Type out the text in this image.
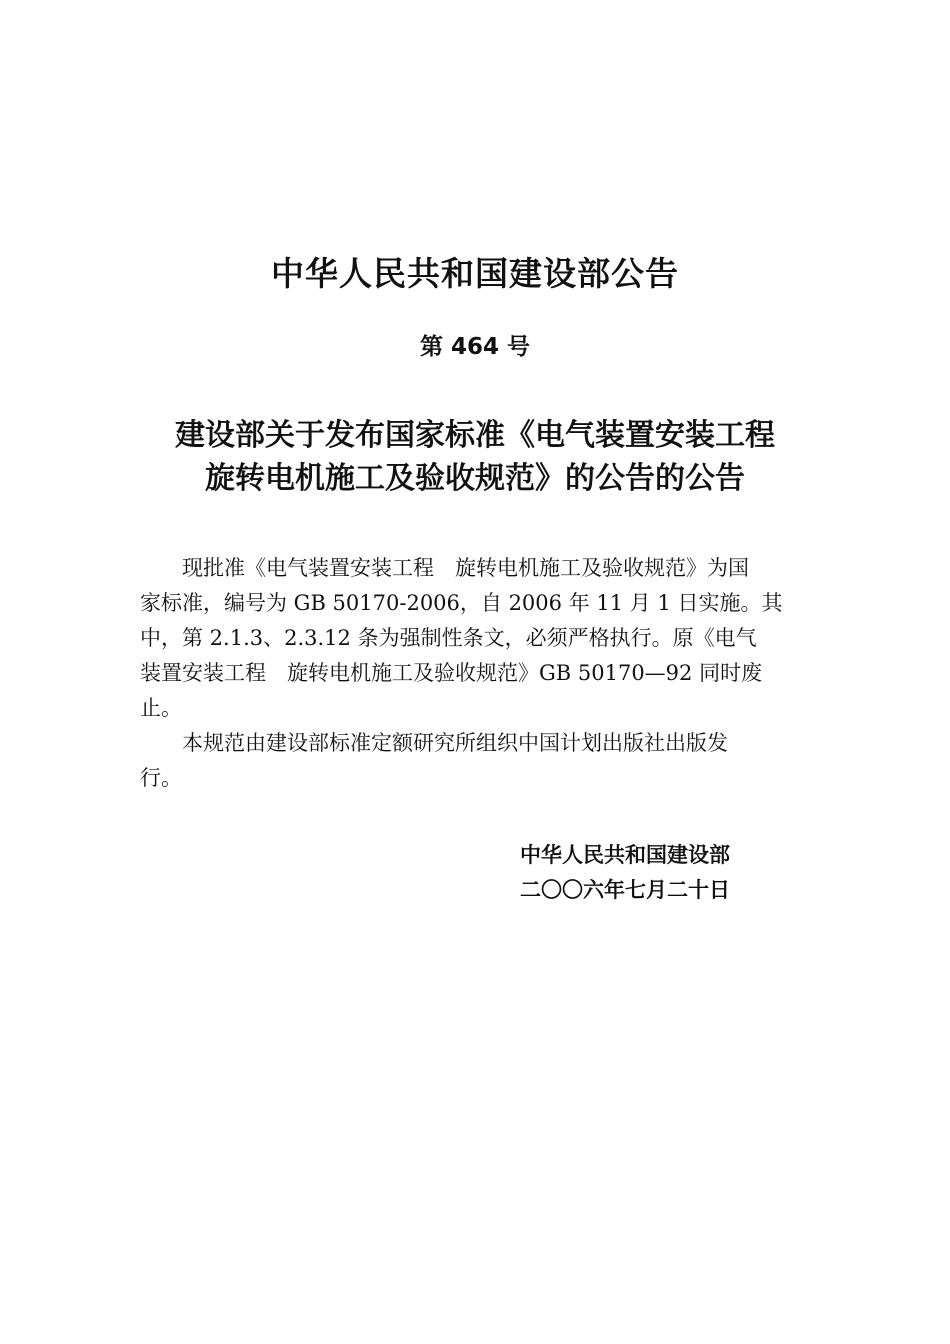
中华人民共和国建设部公告
第 464 号
建设部关于发布国家标准《电气装置安装工程
旋转电机施工及验收规范》的公告的公告
现批准《电气装置安装工程　旋转电机施工及验收规范》为国
家标准，编号为 GB 50170-2006，自 2006 年 11 月 1 日实施。其
中，第 2.1.3、2.3.12 条为强制性条文，必须严格执行。原《电气
装置安装工程　旋转电机施工及验收规范》GB 50170—92 同时废
止。
本规范由建设部标准定额研究所组织中国计划出版社出版发
行。
中华人民共和国建设部
二〇〇六年七月二十日
